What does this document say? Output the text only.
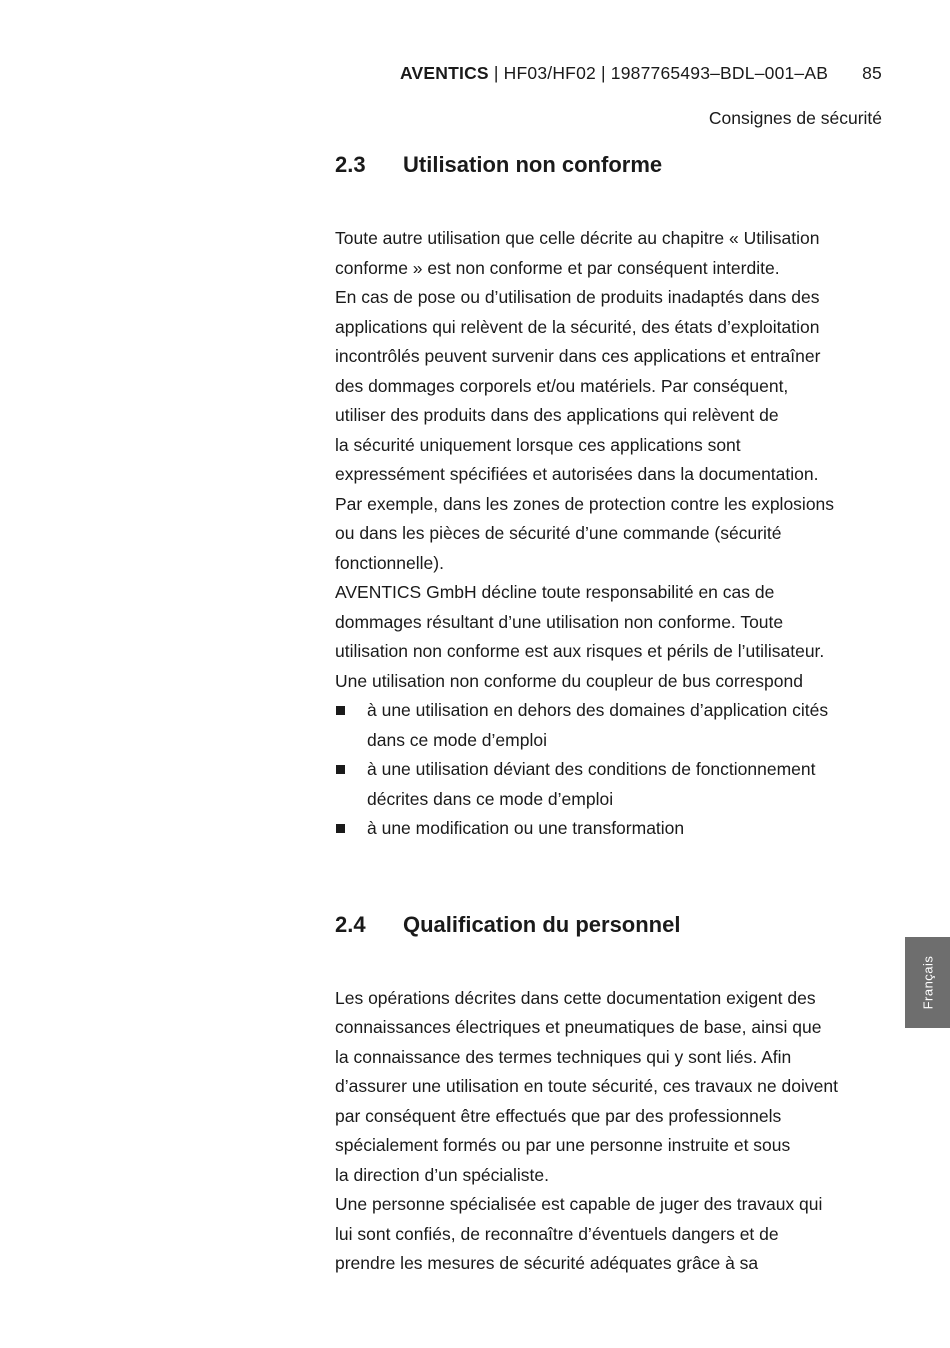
AVENTICS | HF03/HF02 | 1987765493–BDL–001–AB 85
Consignes de sécurité
2.3 Utilisation non conforme

Toute autre utilisation que celle décrite au chapitre « Utilisation

conforme » est non conforme et par conséquent interdite.

En cas de pose ou d’utilisation de produits inadaptés dans des

applications qui relèvent de la sécurité, des états d’exploitation

incontrôlés peuvent survenir dans ces applications et entraîner

des dommages corporels et/ou matériels. Par conséquent,

utiliser des produits dans des applications qui relèvent de

la sécurité uniquement lorsque ces applications sont

expressément spécifiées et autorisées dans la documentation.

Par exemple, dans les zones de protection contre les explosions

ou dans les pièces de sécurité d’une commande (sécurité

fonctionnelle).

AVENTICS GmbH décline toute responsabilité en cas de

dommages résultant d’une utilisation non conforme. Toute

utilisation non conforme est aux risques et périls de l’utilisateur.

Une utilisation non conforme du coupleur de bus correspond

à une utilisation en dehors des domaines d’application cités
dans ce mode d’emploi
à une utilisation déviant des conditions de fonctionnement
décrites dans ce mode d’emploi
à une modification ou une transformation
2.4 Qualification du personnel

Les opérations décrites dans cette documentation exigent des

connaissances électriques et pneumatiques de base, ainsi que

la connaissance des termes techniques qui y sont liés. Afin

d’assurer une utilisation en toute sécurité, ces travaux ne doivent

par conséquent être effectués que par des professionnels

spécialement formés ou par une personne instruite et sous

la direction d’un spécialiste.

Une personne spécialisée est capable de juger des travaux qui

lui sont confiés, de reconnaître d’éventuels dangers et de

prendre les mesures de sécurité adéquates grâce à sa

Français
